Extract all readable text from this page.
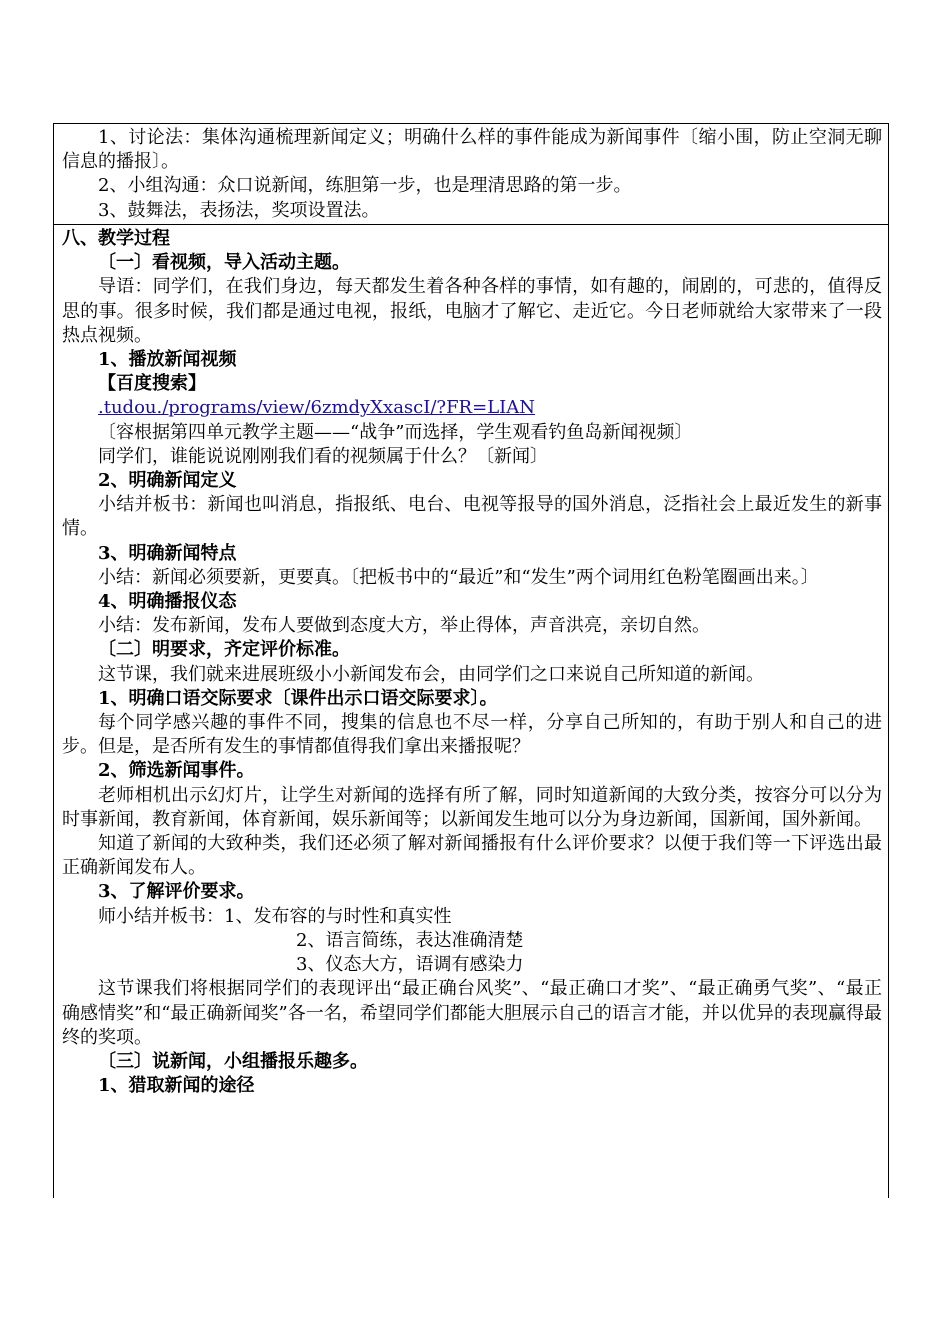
1、讨论法：集体沟通梳理新闻定义；明确什么样的事件能成为新闻事件〔缩小围，防止空洞无聊信息的播报〕。

2、小组沟通：众口说新闻，练胆第一步，也是理清思路的第一步。

3、鼓舞法，表扬法，奖项设置法。

八、教学过程

〔一〕看视频，导入活动主题。

导语：同学们，在我们身边，每天都发生着各种各样的事情，如有趣的，闹剧的，可悲的，值得反思的事。很多时候，我们都是通过电视，报纸，电脑才了解它、走近它。今日老师就给大家带来了一段热点视频。

1、播放新闻视频

【百度搜索】

.tudou./programs/view/6zmdyXxascI/?FR=LIAN

〔容根据第四单元教学主题——“战争”而选择，学生观看钓鱼岛新闻视频〕

同学们，谁能说说刚刚我们看的视频属于什么？〔新闻〕

2、明确新闻定义

小结并板书：新闻也叫消息，指报纸、电台、电视等报导的国外消息，泛指社会上最近发生的新事情。

3、明确新闻特点

小结：新闻必须要新，更要真。〔把板书中的“最近”和“发生”两个词用红色粉笔圈画出来。〕

4、明确播报仪态

小结：发布新闻，发布人要做到态度大方，举止得体，声音洪亮，亲切自然。

〔二〕明要求，齐定评价标准。

这节课，我们就来进展班级小小新闻发布会，由同学们之口来说自己所知道的新闻。

1、明确口语交际要求〔课件出示口语交际要求〕。

每个同学感兴趣的事件不同，搜集的信息也不尽一样，分享自己所知的，有助于别人和自己的进步。但是，是否所有发生的事情都值得我们拿出来播报呢？

2、筛选新闻事件。

老师相机出示幻灯片，让学生对新闻的选择有所了解，同时知道新闻的大致分类，按容分可以分为时事新闻，教育新闻，体育新闻，娱乐新闻等；以新闻发生地可以分为身边新闻，国新闻，国外新闻。

知道了新闻的大致种类，我们还必须了解对新闻播报有什么评价要求？以便于我们等一下评选出最正确新闻发布人。

3、了解评价要求。

师小结并板书：1、发布容的与时性和真实性

2、语言简练，表达准确清楚

3、仪态大方，语调有感染力

这节课我们将根据同学们的表现评出“最正确台风奖”、“最正确口才奖”、“最正确勇气奖”、“最正确感情奖”和“最正确新闻奖”各一名，希望同学们都能大胆展示自己的语言才能，并以优异的表现赢得最终的奖项。

〔三〕说新闻，小组播报乐趣多。

1、猎取新闻的途径
